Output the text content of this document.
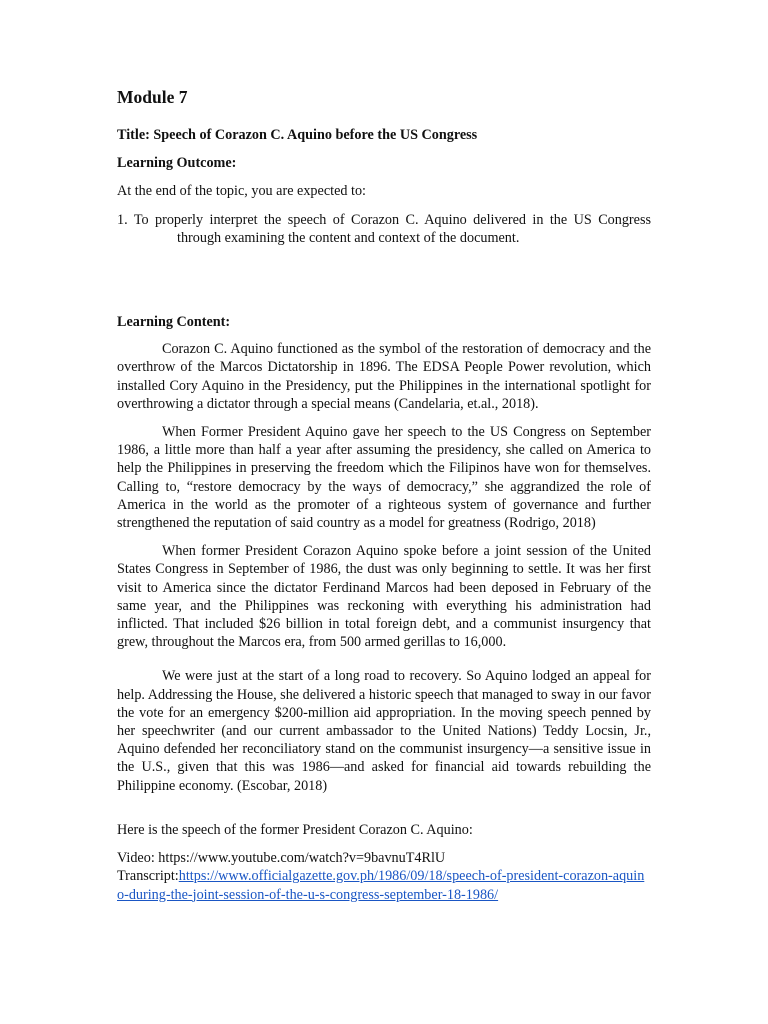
Module 7

Title: Speech of Corazon C. Aquino before the US Congress

Learning Outcome:

At the end of the topic, you are expected to:

1. To properly interpret the speech of Corazon C. Aquino delivered in the US Congressthrough examining the content and context of the document.

Learning Content:

Corazon C. Aquino functioned as the symbol of the restoration of democracy and the overthrow of the Marcos Dictatorship in 1896. The EDSA People Power revolution, which installed Cory Aquino in the Presidency, put the Philippines in the international spotlight for overthrowing a dictator through a special means (Candelaria, et.al., 2018).

When Former President Aquino gave her speech to the US Congress on September 1986, a little more than half a year after assuming the presidency, she called on America to help the Philippines in preserving the freedom which the Filipinos have won for themselves. Calling to, “restore democracy by the ways of democracy,” she aggrandized the role of America in the world as the promoter of a righteous system of governance and further strengthened the reputation of said country as a model for greatness (Rodrigo, 2018)

When former President Corazon Aquino spoke before a joint session of the United States Congress in September of 1986, the dust was only beginning to settle. It was her first visit to America since the dictator Ferdinand Marcos had been deposed in February of the same year, and the Philippines was reckoning with everything his administration had inflicted. That included $26 billion in total foreign debt, and a communist insurgency that grew, throughout the Marcos era, from 500 armed gerillas to 16,000.

We were just at the start of a long road to recovery. So Aquino lodged an appeal for help. Addressing the House, she delivered a historic speech that managed to sway in our favor the vote for an emergency $200-million aid appropriation. In the moving speech penned by her speechwriter (and our current ambassador to the United Nations) Teddy Locsin, Jr., Aquino defended her reconciliatory stand on the communist insurgency—a sensitive issue in the U.S., given that this was 1986—and asked for financial aid towards rebuilding the Philippine economy. (Escobar, 2018)

Here is the speech of the former President Corazon C. Aquino:

Video: https://www.youtube.com/watch?v=9bavnuT4RlU

Transcript:https://www.officialgazette.gov.ph/1986/09/18/speech-of-president-corazon-aquino-during-the-joint-session-of-the-u-s-congress-september-18-1986/
